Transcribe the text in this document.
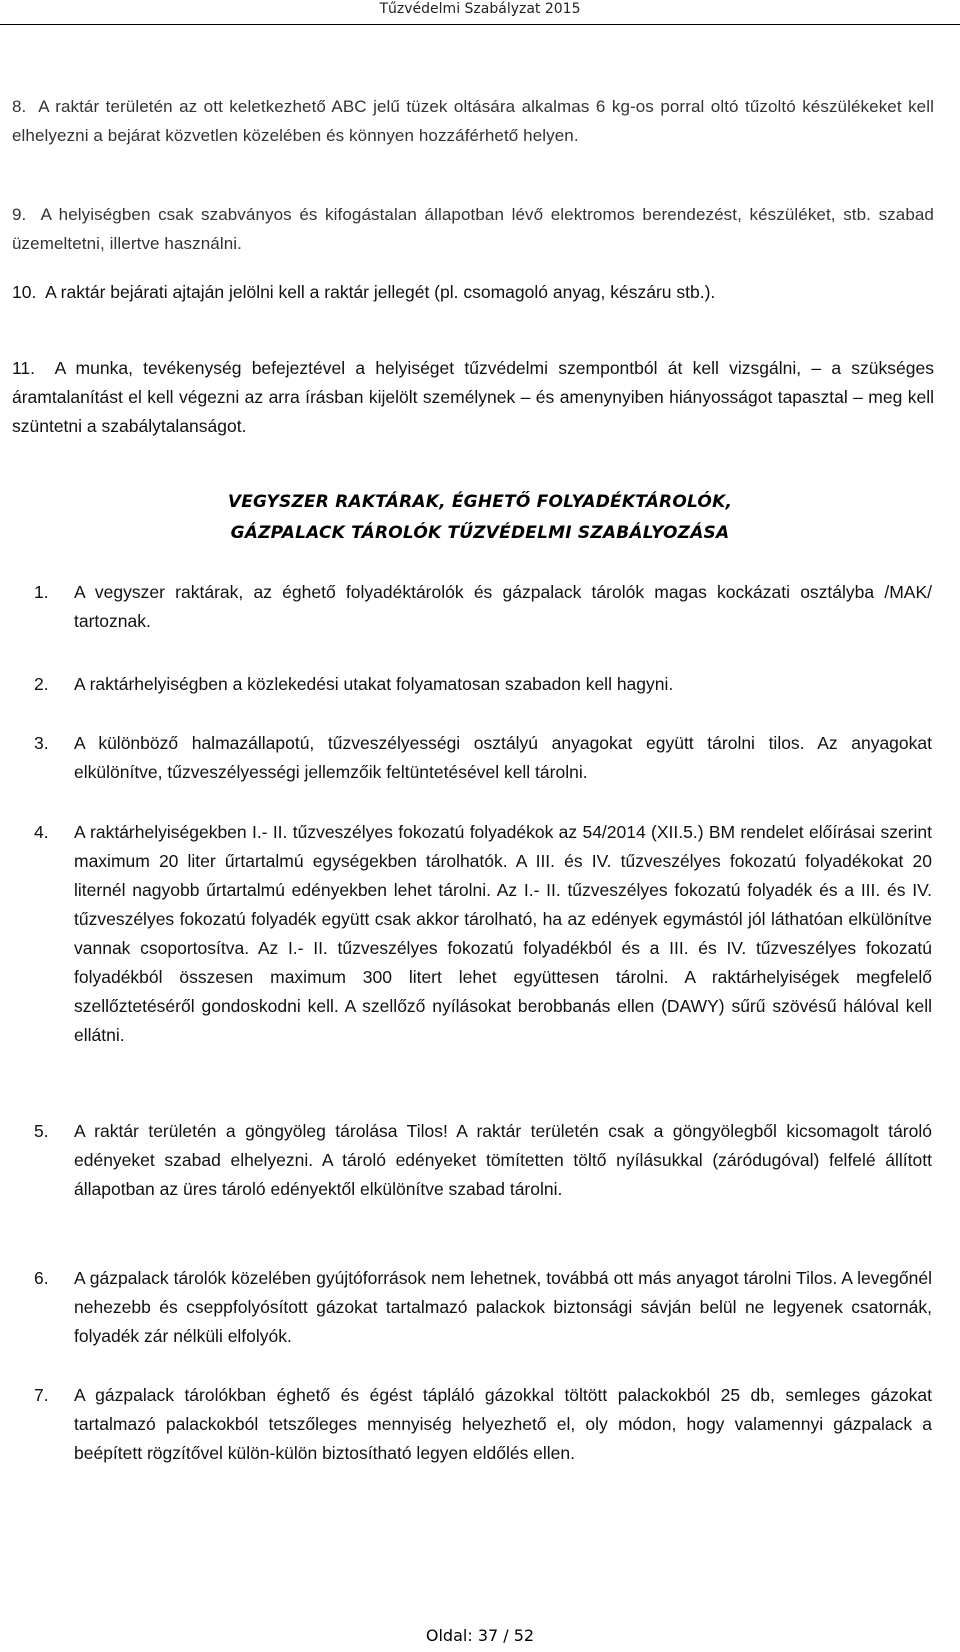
Tűzvédelmi Szabályzat 2015
8. A raktár területén az ott keletkezhető ABC jelű tüzek oltására alkalmas 6 kg-os porral oltó tűzoltó készülékeket kell elhelyezni a bejárat közvetlen közelében és könnyen hozzáférhető helyen.
9. A helyiségben csak szabványos és kifogástalan állapotban lévő elektromos berendezést, készüléket, stb. szabad üzemeltetni, illertve használni.
10. A raktár bejárati ajtaján jelölni kell a raktár jellegét (pl. csomagoló anyag, készáru stb.).
11. A munka, tevékenység befejeztével a helyiséget tűzvédelmi szempontból át kell vizsgálni, – a szükséges áramtalanítást el kell végezni az arra írásban kijelölt személynek – és amenynyiben hiányosságot tapasztal – meg kell szüntetni a szabálytalanságot.
VEGYSZER RAKTÁRAK, ÉGHETŐ FOLYADÉKTÁROLÓK,
GÁZPALACK TÁROLÓK TŰZVÉDELMI SZABÁLYOZÁSA
1. A vegyszer raktárak, az éghető folyadéktárolók és gázpalack tárolók magas kockázati osztályba /MAK/ tartoznak.
2. A raktárhelyiségben a közlekedési utakat folyamatosan szabadon kell hagyni.
3. A különböző halmazállapotú, tűzveszélyességi osztályú anyagokat együtt tárolni tilos. Az anyagokat elkülönítve, tűzveszélyességi jellemzőik feltüntetésével kell tárolni.
4. A raktárhelyiségekben I.- II. tűzveszélyes fokozatú folyadékok az 54/2014 (XII.5.) BM rendelet előírásai szerint maximum 20 liter űrtartalmú egységekben tárolhatók. A III. és IV. tűzveszélyes fokozatú folyadékokat 20 liternél nagyobb űrtartalmú edényekben lehet tárolni. Az I.- II. tűzveszélyes fokozatú folyadék és a III. és IV. tűzveszélyes fokozatú folyadék együtt csak akkor tárolható, ha az edények egymástól jól láthatóan elkülönítve vannak csoportosítva. Az I.- II. tűzveszélyes fokozatú folyadékból és a III. és IV. tűzveszélyes fokozatú folyadékból összesen maximum 300 litert lehet együttesen tárolni. A raktárhelyiségek megfelelő szellőztetéséről gondoskodni kell. A szellőző nyílásokat berobbanás ellen (DAWY) sűrű szövésű hálóval kell ellátni.
5. A raktár területén a göngyöleg tárolása Tilos! A raktár területén csak a göngyölegből kicsomagolt tároló edényeket szabad elhelyezni. A tároló edényeket tömítetten töltő nyílásukkal (záródugóval) felfelé állított állapotban az üres tároló edényektől elkülönítve szabad tárolni.
6. A gázpalack tárolók közelében gyújtóforrások nem lehetnek, továbbá ott más anyagot tárolni Tilos. A levegőnél nehezebb és cseppfolyósított gázokat tartalmazó palackok biztonsági sávján belül ne legyenek csatornák, folyadék zár nélküli elfolyók.
7. A gázpalack tárolókban éghető és égést tápláló gázokkal töltött palackokból 25 db, semleges gázokat tartalmazó palackokból tetszőleges mennyiség helyezhető el, oly módon, hogy valamennyi gázpalack a beépített rögzítővel külön-külön biztosítható legyen eldőlés ellen.
Oldal: 37 / 52
